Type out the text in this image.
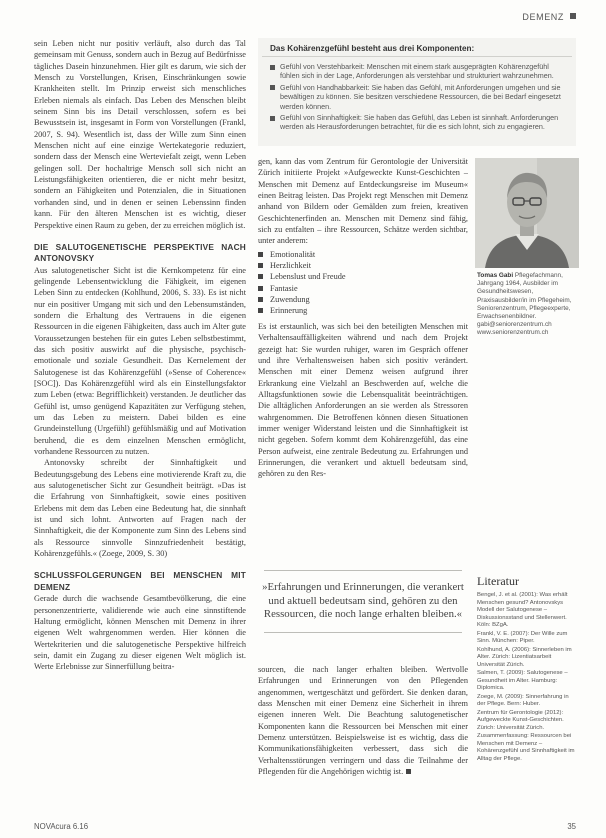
DEMENZ
Das Kohärenzgefühl besteht aus drei Komponenten:
Gefühl von Verstehbarkeit: Menschen mit einem stark ausgeprägten Kohärenzgefühl fühlen sich in der Lage, Anforderungen als verstehbar und strukturiert wahrzunehmen.
Gefühl von Handhabbarkeit: Sie haben das Gefühl, mit Anforderungen umgehen und sie bewältigen zu können. Sie besitzen verschiedene Ressourcen, die bei Bedarf eingesetzt werden können.
Gefühl von Sinnhaftigkeit: Sie haben das Gefühl, das Leben ist sinnhaft. Anforderungen werden als Herausforderungen betrachtet, für die es sich lohnt, sich zu engagieren.

sein Leben nicht nur positiv verläuft, also durch das Tal gemeinsam mit Genuss, sondern auch in Bezug auf Bedürfnisse tägliches Dasein hinzunehmen. Hier gilt es darum, wie sich der Mensch zu Vorstellungen, Krisen, Einschränkungen sowie Krankheiten stellt. Im Prinzip erweist sich menschliches Erleben niemals als einfach. Das Leben des Menschen bleibt seinem Sinn bis ins Detail verschlossen, sofern es bei Bewusstsein ist, insgesamt in Form von Vorstellungen (Frankl, 2007, S. 94). Wesentlich ist, dass der Wille zum Sinn einen Menschen nicht auf eine einzige Wertekategorie reduziert, sondern dass der Mensch eine Werteviefalt zeigt, wenn Leben gelingen soll. Der hochaltrige Mensch soll sich nicht an Leistungsfähigkeiten orientieren, die er nicht mehr besitzt, sondern an Fähigkeiten und Potenzialen, die in Situationen vorhanden sind, und in denen er seinen Lebenssinn finden kann. Für den älteren Menschen ist es wichtig, dieser Perspektive einen Raum zu geben, der zu erreichen möglich ist.

DIE SALUTOGENETISCHE PERSPEKTIVE NACH ANTONOVSKY

Aus salutogenetischer Sicht ist die Kernkompetenz für eine gelingende Lebensentwicklung die Fähigkeit, im eigenen Leben Sinn zu entdecken (Kohlhund, 2006, S. 33). Es ist nicht nur ein positiver Umgang mit sich und den Lebensumständen, sondern die Erhaltung des Vertrauens in die eigenen Ressourcen in die eigenen Fähigkeiten, dass auch im Alter gute Voraussetzungen bestehen für ein gutes Leben selbstbestimmt, das sich positiv auswirkt auf die physische, psychisch-emotionale und soziale Gesundheit. Das Kernelement der Salutogenese ist das Kohärenzgefühl (»Sense of Coherence« [SOC]). Das Kohärenzgefühl wird als ein Einstellungsfaktor zum Leben (etwa: Begrifflichkeit) verstanden. Je deutlicher das Gefühl ist, umso genügend Kapazitäten zur Verfügung stehen, um das Leben zu meistern. Dabei bilden es eine Grundeinstellung (Urgefühl) gefühlsmäßig und auf Motivation beruhend, die es dem einzelnen Menschen ermöglicht, vorhandene Ressourcen zu nutzen.

Antonovsky schreibt der Sinnhaftigkeit und Bedeutungsgebung des Lebens eine motivierende Kraft zu, die aus salutogenetischer Sicht zur Gesundheit beiträgt. »Das ist die Erfahrung von Sinnhaftigkeit, sowie eines positiven Erlebens mit dem das Leben eine Bedeutung hat, die sinnhaft ist und sich lohnt. Antworten auf Fragen nach der Sinnhaftigkeit, die der Komponente zum Sinn des Lebens sind als Ressource sinnvolle Sinnzufriedenheit bestätigt, Kohärenzgefühls.« (Zoege, 2009, S. 30)

SCHLUSSFOLGERUNGEN BEI MENSCHEN MIT DEMENZ

Gerade durch die wachsende Gesamtbevölkerung, die eine personenzentrierte, validierende wie auch eine sinnstiftende Haltung ermöglicht, können Menschen mit Demenz in ihrer eigenen Welt wahrgenommen werden. Hier können die Wertekriterien und die salutogenetische Perspektive hilfreich sein, damit ein Zugang zu dieser eigenen Welt möglich ist. Werte Erlebnisse zur Sinnerfüllung beitra-

gen, kann das vom Zentrum für Gerontologie der Universität Zürich initiierte Projekt »Aufgeweckte Kunst-Geschichten – Menschen mit Demenz auf Entdeckungsreise im Museum« einen Beitrag leisten. Das Projekt regt Menschen mit Demenz anhand von Bildern oder Gemälden zum freien, kreativen Geschichtenerfinden an. Menschen mit Demenz sind fähig, sich zu entfalten – ihre Ressourcen, Schätze werden sichtbar, unter anderem:

Emotionalität
Herzlichkeit
Lebenslust und Freude
Fantasie
Zuwendung
Erinnerung

Es ist erstaunlich, was sich bei den beteiligten Menschen mit Verhaltensauffälligkeiten während und nach dem Projekt gezeigt hat: Sie wurden ruhiger, waren im Gespräch offener und ihre Verhaltensweisen haben sich positiv verändert. Menschen mit einer Demenz weisen aufgrund ihrer Erkrankung eine Vielzahl an Beschwerden auf, welche die Alltagsfunktionen sowie die Lebensqualität beeinträchtigen. Die alltäglichen Anforderungen an sie werden als Stressoren wahrgenommen. Die Betroffenen können diesen Situationen immer weniger Widerstand leisten und die Sinnhaftigkeit ist nicht gegeben. Sofern kommt dem Kohärenzgefühl, das eine Person aufweist, eine zentrale Bedeutung zu. Erfahrungen und Erinnerungen, die verankert und aktuell bedeutsam sind, gehören zu den Res-

Tomas Gabi Pflegefachmann, Jahrgang 1964, Ausbilder im Gesundheitswesen, Praxisausbilder/in im Pflegeheim, Seniorenzentrum, Pflegeexperte, Erwachsenenbildner.
gabi@seniorenzentrum.ch
www.seniorenzentrum.ch
»Erfahrungen und Erinnerungen, die verankert und aktuell bedeutsam sind, gehören zu den Ressourcen, die noch lange erhalten bleiben.«

sourcen, die nach langer erhalten bleiben. Wertvolle Erfahrungen und Erinnerungen von den Pflegenden angenommen, wertgeschätzt und gefördert. Sie denken daran, dass Menschen mit einer Demenz eine Sicherheit in ihrem eigenen inneren Welt. Die Beachtung salutogenetischer Komponenten kann die Ressourcen bei Menschen mit einer Demenz unterstützen. Beispielsweise ist es wichtig, dass die Kommunikationsfähigkeiten verbessert, dass sich die Verhaltensstörungen verringern und dass die Teilnahme der Pflegenden für die Angehörigen wichtig ist.

Literatur

Bengel, J. et al. (2001): Was erhält Menschen gesund? Antonovskys Modell der Salutogenese – Diskussionsstand und Stellenwert. Köln: BZgA.

Frankl, V. E. (2007): Der Wille zum Sinn. München: Piper.

Kohlhund, A. (2006): Sinnerleben im Alter. Zürich: Lizentiatsarbeit Universität Zürich.

Salmen, T. (2009): Salutogenese – Gesundheit im Alter. Hamburg: Diplomica.

Zoege, M. (2009): Sinnerfahrung in der Pflege. Bern: Huber.

Zentrum für Gerontologie (2012): Aufgeweckte Kunst-Geschichten. Zürich: Universität Zürich.

Zusammenfassung: Ressourcen bei Menschen mit Demenz – Kohärenzgefühl und Sinnhaftigkeit im Alltag der Pflege.

NOVAcura 6.16	35
